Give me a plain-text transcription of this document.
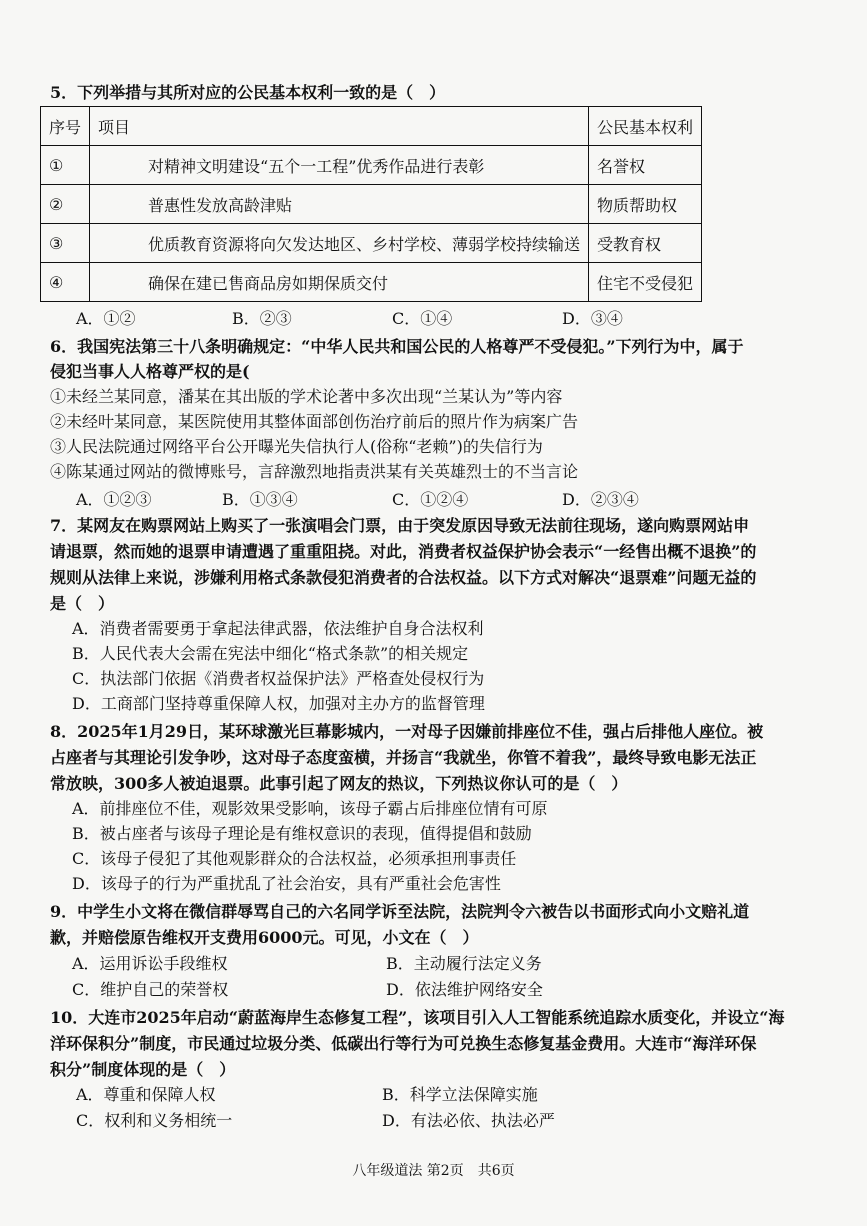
5．下列举措与其所对应的公民基本权利一致的是（　）
序号	项目	公民基本权利
①	对精神文明建设“五个一工程”优秀作品进行表彰	名誉权
②	普惠性发放高龄津贴	物质帮助权
③	优质教育资源将向欠发达地区、乡村学校、薄弱学校持续输送	受教育权
④	确保在建已售商品房如期保质交付	住宅不受侵犯
A．①②	B．②③	C．①④	D．③④
6．我国宪法第三十八条明确规定：“中华人民共和国公民的人格尊严不受侵犯。”下列行为中，属于
侵犯当事人人格尊严权的是(
①未经兰某同意，潘某在其出版的学术论著中多次出现“兰某认为”等内容
②未经叶某同意，某医院使用其整体面部创伤治疗前后的照片作为病案广告
③人民法院通过网络平台公开曝光失信执行人(俗称“老赖”)的失信行为
④陈某通过网站的微博账号，言辞激烈地指责洪某有关英雄烈士的不当言论
A．①②③	B．①③④	C．①②④	D．②③④
7．某网友在购票网站上购买了一张演唱会门票，由于突发原因导致无法前往现场，遂向购票网站申
请退票，然而她的退票申请遭遇了重重阻挠。对此，消费者权益保护协会表示“一经售出概不退换”的
规则从法律上来说，涉嫌利用格式条款侵犯消费者的合法权益。以下方式对解决“退票难”问题无益的
是（　）
A．消费者需要勇于拿起法律武器，依法维护自身合法权利
B．人民代表大会需在宪法中细化“格式条款”的相关规定
C．执法部门依据《消费者权益保护法》严格查处侵权行为
D．工商部门坚持尊重保障人权，加强对主办方的监督管理
8．2025年1月29日，某环球激光巨幕影城内，一对母子因嫌前排座位不佳，强占后排他人座位。被
占座者与其理论引发争吵，这对母子态度蛮横，并扬言“我就坐，你管不着我”，最终导致电影无法正
常放映，300多人被迫退票。此事引起了网友的热议，下列热议你认可的是（　）
A．前排座位不佳，观影效果受影响，该母子霸占后排座位情有可原
B．被占座者与该母子理论是有维权意识的表现，值得提倡和鼓励
C．该母子侵犯了其他观影群众的合法权益，必须承担刑事责任
D．该母子的行为严重扰乱了社会治安，具有严重社会危害性
9．中学生小文将在微信群辱骂自己的六名同学诉至法院，法院判令六被告以书面形式向小文赔礼道
歉，并赔偿原告维权开支费用6000元。可见，小文在（　）
A．运用诉讼手段维权	B．主动履行法定义务
C．维护自己的荣誉权	D．依法维护网络安全
10．大连市2025年启动“蔚蓝海岸生态修复工程”，该项目引入人工智能系统追踪水质变化，并设立“海
洋环保积分”制度，市民通过垃圾分类、低碳出行等行为可兑换生态修复基金费用。大连市“海洋环保
积分”制度体现的是（　）
A．尊重和保障人权	B．科学立法保障实施
C．权利和义务相统一	D．有法必依、执法必严
八年级道法 第2页　共6页
